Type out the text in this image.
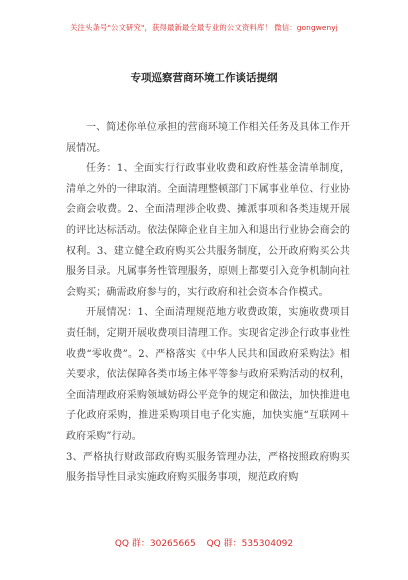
关注头条号"公文研究"，获得最新最全最专业的公文资料库！ 微信：gongwenyj
专项巡察营商环境工作谈话提纲

一、简述你单位承担的营商环境工作相关任务及具体工作开展情况。

任务：1、全面实行行政事业收费和政府性基金清单制度，清单之外的一律取消。全面清理整顿部门下属事业单位、行业协会商会收费。2、全面清理涉企收费、摊派事项和各类违规开展的评比达标活动。依法保障企业自主加入和退出行业协会商会的权利。3、建立健全政府购买公共服务制度，公开政府购买公共服务目录。凡属事务性管理服务，原则上都要引入竞争机制向社会购买；确需政府参与的，实行政府和社会资本合作模式。

开展情况：1、全面清理规范地方收费政策，实施收费项目责任制，定期开展收费项目清理工作。实现省定涉企行政事业性收费“零收费”。2、严格落实《中华人民共和国政府采购法》相关要求，依法保障各类市场主体平等参与政府采购活动的权利，全面清理政府采购领域妨碍公平竞争的规定和做法，加快推进电子化政府采购，推进采购项目电子化实施，加快实施“互联网＋政府采购”行动。

3、严格执行财政部政府购买服务管理办法，严格按照政府购买服务指导性目录实施政府购买服务事项，规范政府购

QQ 群：30265665 QQ 群：535304092
